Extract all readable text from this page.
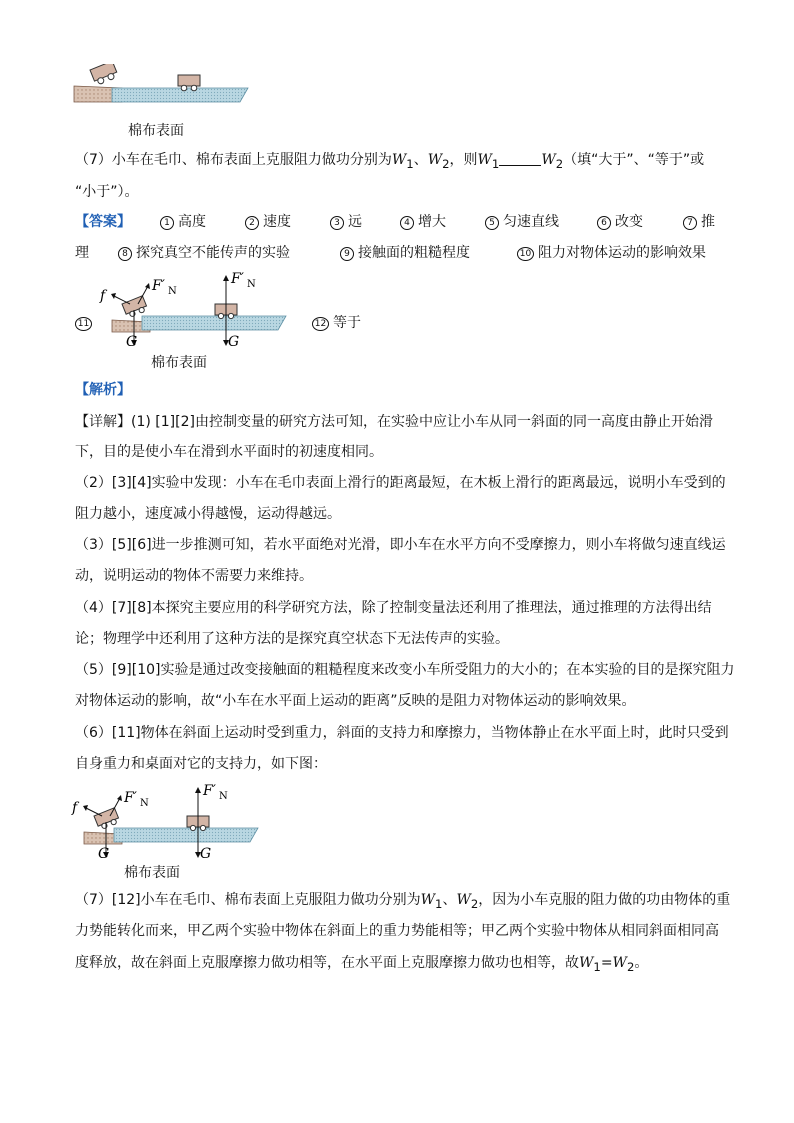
棉布表面
（7）小车在毛巾、棉布表面上克服阻力做功分别为$W_1$、$W_2$，则$W_1$	$W_2$（填“大于”、“等于”或
“小于”）。
【答案】	1 高度	2 速度	3 远	4 增大	5 匀速直线	6 改变	7 推
理	8 探究真空不能传声的实验	9 接触面的粗糙程度	10 阻力对物体运动的影响效果
11
f
F′ N
F′ N
G	G
棉布表面
12 等于
【解析】
【详解】(1) [1][2]由控制变量的研究方法可知，在实验中应让小车从同一斜面的同一高度由静止开始滑
下，目的是使小车在滑到水平面时的初速度相同。
（2）[3][4]实验中发现：小车在毛巾表面上滑行的距离最短，在木板上滑行的距离最远，说明小车受到的
阻力越小，速度减小得越慢，运动得越远。
（3）[5][6]进一步推测可知，若水平面绝对光滑，即小车在水平方向不受摩擦力，则小车将做匀速直线运
动，说明运动的物体不需要力来维持。
（4）[7][8]本探究主要应用的科学研究方法，除了控制变量法还利用了推理法，通过推理的方法得出结
论；物理学中还利用了这种方法的是探究真空状态下无法传声的实验。
（5）[9][10]实验是通过改变接触面的粗糙程度来改变小车所受阻力的大小的；在本实验的目的是探究阻力
对物体运动的影响，故“小车在水平面上运动的距离”反映的是阻力对物体运动的影响效果。
（6）[11]物体在斜面上运动时受到重力，斜面的支持力和摩擦力，当物体静止在水平面上时，此时只受到
自身重力和桌面对它的支持力，如下图：
f
F′ N
F′ N
G	G
棉布表面
（7）[12]小车在毛巾、棉布表面上克服阻力做功分别为$W_1$、$W_2$，因为小车克服的阻力做的功由物体的重
力势能转化而来，甲乙两个实验中物体在斜面上的重力势能相等；甲乙两个实验中物体从相同斜面相同高
度释放，故在斜面上克服摩擦力做功相等，在水平面上克服摩擦力做功也相等，故$W_1=W_2$。
